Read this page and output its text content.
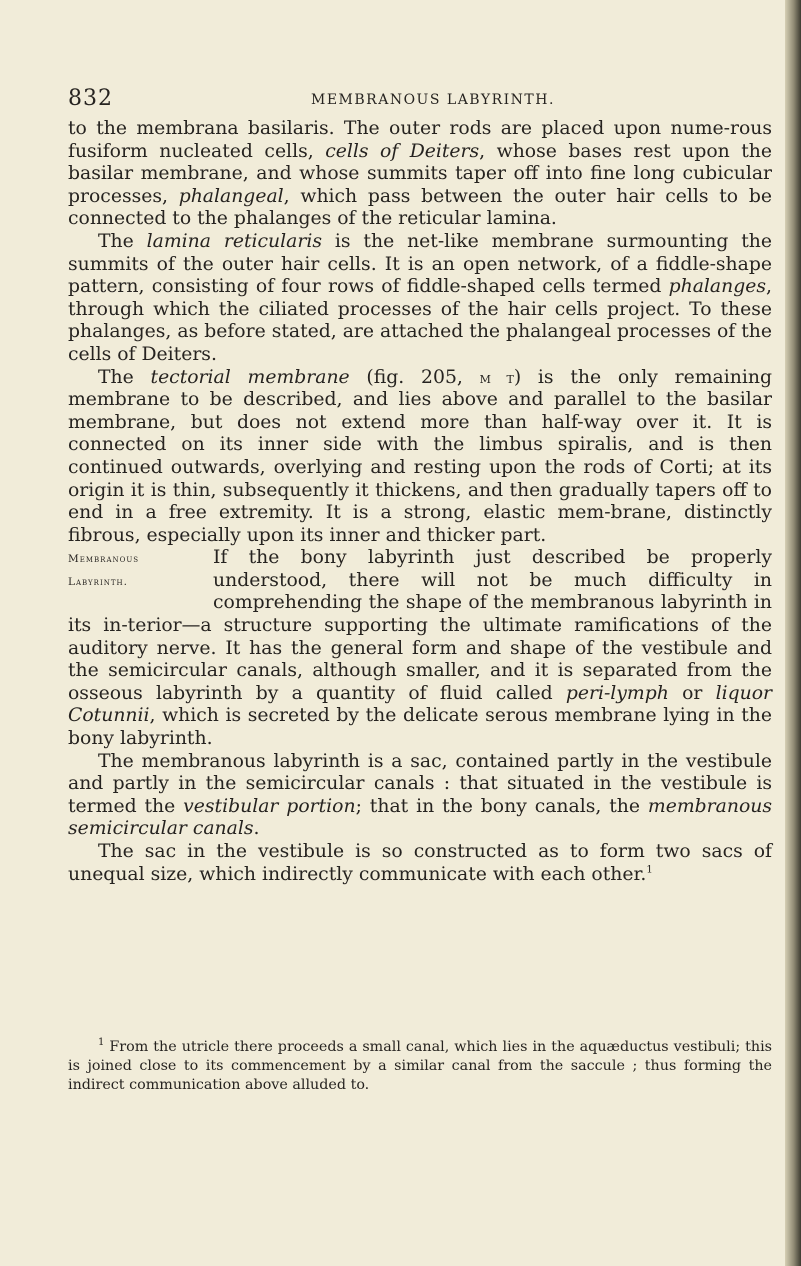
832	MEMBRANOUS LABYRINTH.

to the membrana basilaris. The outer rods are placed upon nume-rous fusiform nucleated cells, cells of Deiters, whose bases rest upon the basilar membrane, and whose summits taper off into fine long cubicular processes, phalangeal, which pass between the outer hair cells to be connected to the phalanges of the reticular lamina.

The lamina reticularis is the net-like membrane surmounting the summits of the outer hair cells. It is an open network, of a fiddle-shape pattern, consisting of four rows of fiddle-shaped cells termed phalanges, through which the ciliated processes of the hair cells project. To these phalanges, as before stated, are attached the phalangeal processes of the cells of Deiters.

The tectorial membrane (fig. 205, m t) is the only remaining membrane to be described, and lies above and parallel to the basilar membrane, but does not extend more than half-way over it. It is connected on its inner side with the limbus spiralis, and is then continued outwards, overlying and resting upon the rods of Corti; at its origin it is thin, subsequently it thickens, and then gradually tapers off to end in a free extremity. It is a strong, elastic mem-brane, distinctly fibrous, especially upon its inner and thicker part.

Membranous
Labyrinth.

If the bony labyrinth just described be properly understood, there will not be much difficulty in comprehending the shape of the membranous labyrinth in its in-terior—a structure supporting the ultimate ramifications of the auditory nerve. It has the general form and shape of the vestibule and the semicircular canals, although smaller, and it is separated from the osseous labyrinth by a quantity of fluid called peri-lymph or liquor Cotunnii, which is secreted by the delicate serous membrane lying in the bony labyrinth.

The membranous labyrinth is a sac, contained partly in the vestibule and partly in the semicircular canals : that situated in the vestibule is termed the vestibular portion; that in the bony canals, the membranous semicircular canals.

The sac in the vestibule is so constructed as to form two sacs of unequal size, which indirectly communicate with each other.$^1$

$^1$ From the utricle there proceeds a small canal, which lies in the aquæductus vestibuli; this is joined close to its commencement by a similar canal from the saccule ; thus forming the indirect communication above alluded to.
